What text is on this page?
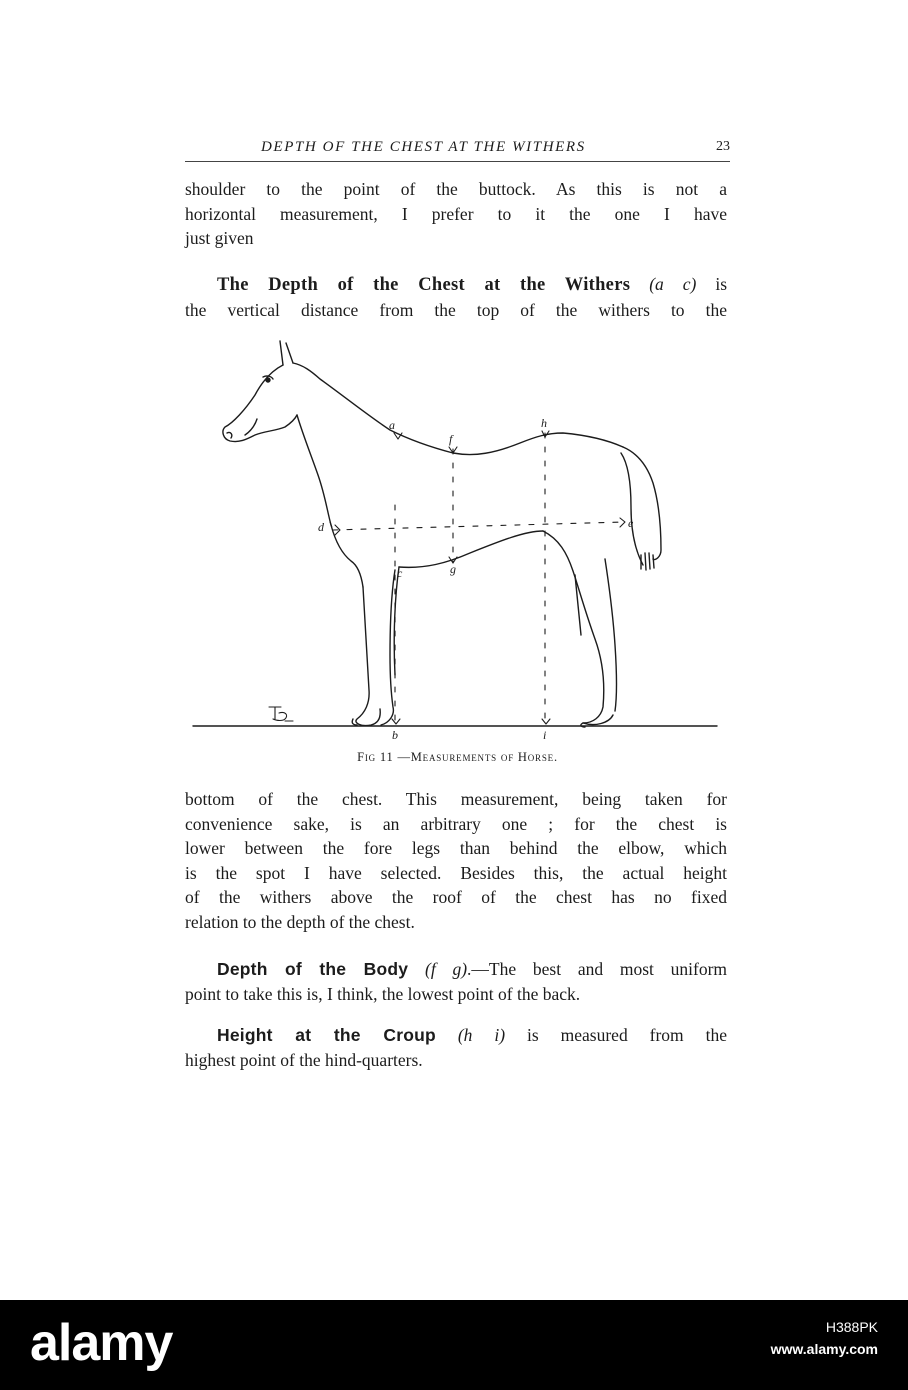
DEPTH OF THE CHEST AT THE WITHERS	23
shoulder to the point of the buttock. As this is not a
horizontal measurement, I prefer to it the one I have
just given
The Depth of the Chest at the Withers (a c) is
the vertical distance from the top of the withers to the
a
f
h
d	e
c	g
b	i
Fig 11 —Measurements of Horse.
bottom of the chest. This measurement, being taken for
convenience sake, is an arbitrary one ; for the chest is
lower between the fore legs than behind the elbow, which
is the spot I have selected. Besides this, the actual height
of the withers above the roof of the chest has no fixed
relation to the depth of the chest.
Depth of the Body (f g).—The best and most uniform
point to take this is, I think, the lowest point of the back.
Height at the Croup (h i) is measured from the
highest point of the hind-quarters.
alamy	H388PK
www.alamy.com
